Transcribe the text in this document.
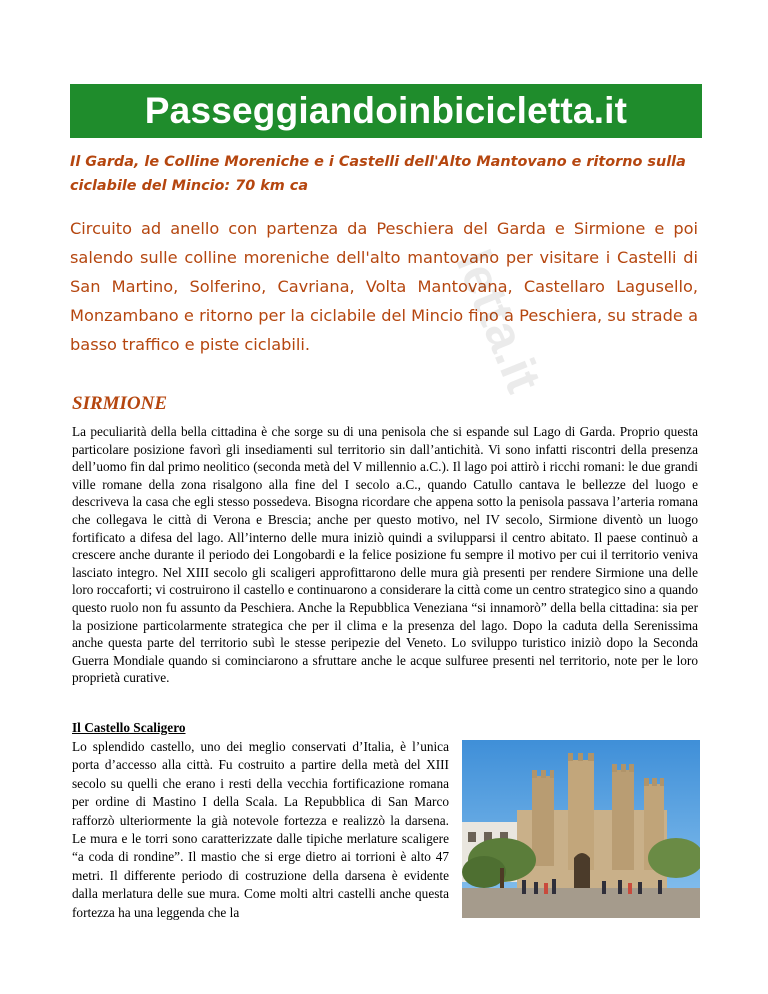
Passeggiandoinbicicletta.it
Il Garda, le Colline Moreniche e i Castelli dell'Alto Mantovano e ritorno sulla ciclabile del Mincio: 70 km ca
Circuito ad anello con partenza da Peschiera del Garda e Sirmione e poi salendo sulle colline moreniche dell'alto mantovano per visitare i Castelli di San Martino, Solferino, Cavriana, Volta Mantovana, Castellaro Lagusello, Monzambano e ritorno per la ciclabile del Mincio fino a Peschiera, su strade a basso traffico e piste ciclabili.	letta.it
SIRMIONE
La peculiarità della bella cittadina è che sorge su di una penisola che si espande sul Lago di Garda. Proprio questa particolare posizione favorì gli insediamenti sul territorio sin dall’antichità. Vi sono infatti riscontri della presenza dell’uomo fin dal primo neolitico (seconda metà del V millennio a.C.). Il lago poi attirò i ricchi romani: le due grandi ville romane della zona risalgono alla fine del I secolo a.C., quando Catullo cantava le bellezze del luogo e descriveva la casa che egli stesso possedeva. Bisogna ricordare che appena sotto la penisola passava l’arteria romana che collegava le città di Verona e Brescia; anche per questo motivo, nel IV secolo, Sirmione diventò un luogo fortificato a difesa del lago. All’interno delle mura iniziò quindi a svilupparsi il centro abitato. Il paese continuò a crescere anche durante il periodo dei Longobardi e la felice posizione fu sempre il motivo per cui il territorio veniva lasciato integro. Nel XIII secolo gli scaligeri approfittarono delle mura già presenti per rendere Sirmione una delle loro roccaforti; vi costruirono il castello e continuarono a considerare la città come un centro strategico sino a quando questo ruolo non fu assunto da Peschiera. Anche la Repubblica Veneziana “si innamorò” della bella cittadina: sia per la posizione particolarmente strategica che per il clima e la presenza del lago. Dopo la caduta della Serenissima anche questa parte del territorio subì le stesse peripezie del Veneto. Lo sviluppo turistico iniziò dopo la Seconda Guerra Mondiale quando si cominciarono a sfruttare anche le acque sulfuree presenti nel territorio, note per le loro proprietà curative.
Il Castello Scaligero
Lo splendido castello, uno dei meglio conservati d’Italia, è l’unica porta d’accesso alla città. Fu costruito a partire della metà del XIII secolo su quelli che erano i resti della vecchia fortificazione romana per ordine di Mastino I della Scala. La Repubblica di San Marco rafforzò ulteriormente la già notevole fortezza e realizzò la darsena. Le mura e le torri sono caratterizzate dalle tipiche merlature scaligere “a coda di rondine”. Il mastio che si erge dietro ai torrioni è alto 47 metri. Il differente periodo di costruzione della darsena è evidente dalla merlatura delle sue mura. Come molti altri castelli anche questa fortezza ha una leggenda che la
